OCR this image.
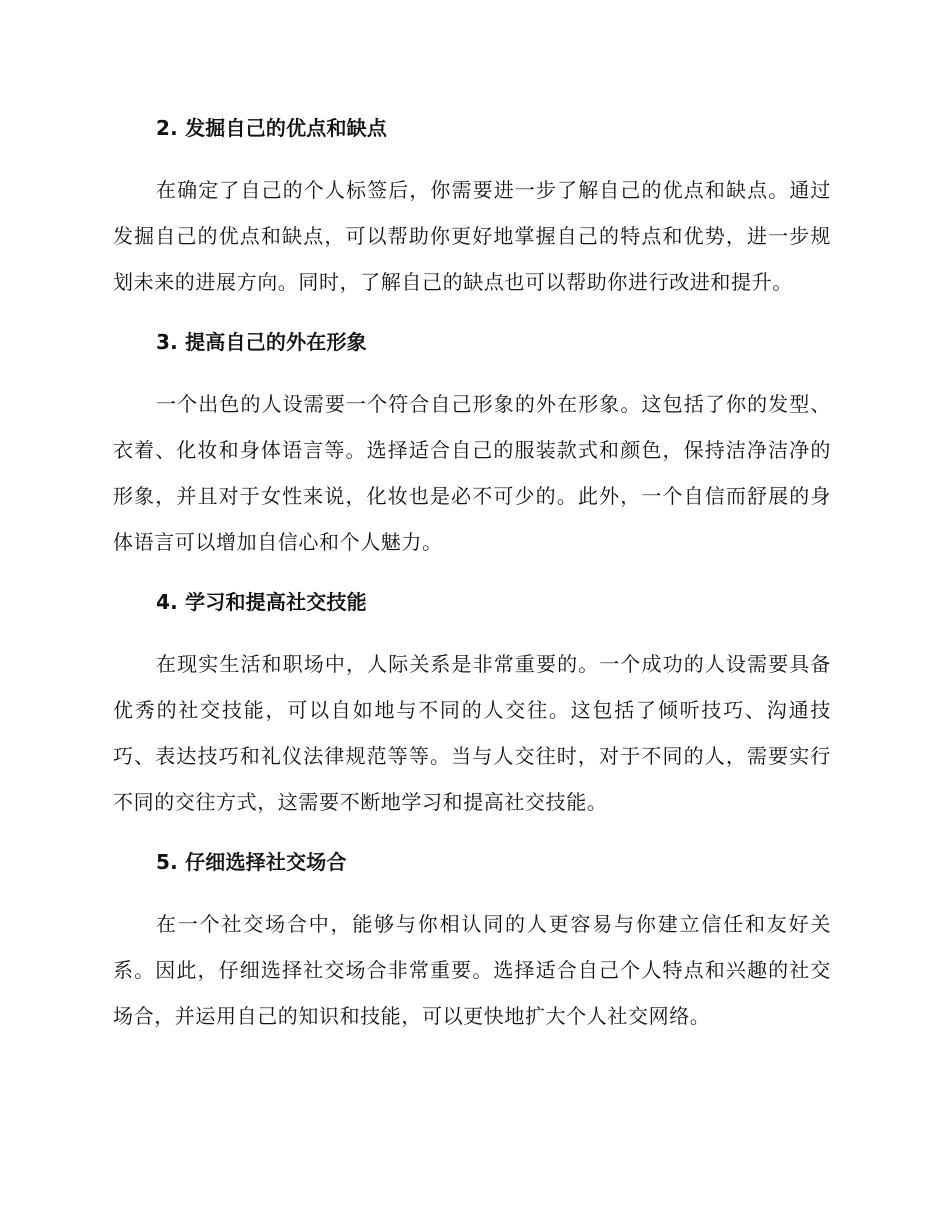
2. 发掘自己的优点和缺点

在确定了自己的个人标签后，你需要进一步了解自己的优点和缺点。通过发掘自己的优点和缺点，可以帮助你更好地掌握自己的特点和优势，进一步规划未来的进展方向。同时，了解自己的缺点也可以帮助你进行改进和提升。

3. 提高自己的外在形象

一个出色的人设需要一个符合自己形象的外在形象。这包括了你的发型、衣着、化妆和身体语言等。选择适合自己的服装款式和颜色，保持洁净洁净的形象，并且对于女性来说，化妆也是必不可少的。此外，一个自信而舒展的身体语言可以增加自信心和个人魅力。

4. 学习和提高社交技能

在现实生活和职场中，人际关系是非常重要的。一个成功的人设需要具备优秀的社交技能，可以自如地与不同的人交往。这包括了倾听技巧、沟通技巧、表达技巧和礼仪法律规范等等。当与人交往时，对于不同的人，需要实行不同的交往方式，这需要不断地学习和提高社交技能。

5. 仔细选择社交场合

在一个社交场合中，能够与你相认同的人更容易与你建立信任和友好关系。因此，仔细选择社交场合非常重要。选择适合自己个人特点和兴趣的社交场合，并运用自己的知识和技能，可以更快地扩大个人社交网络。
